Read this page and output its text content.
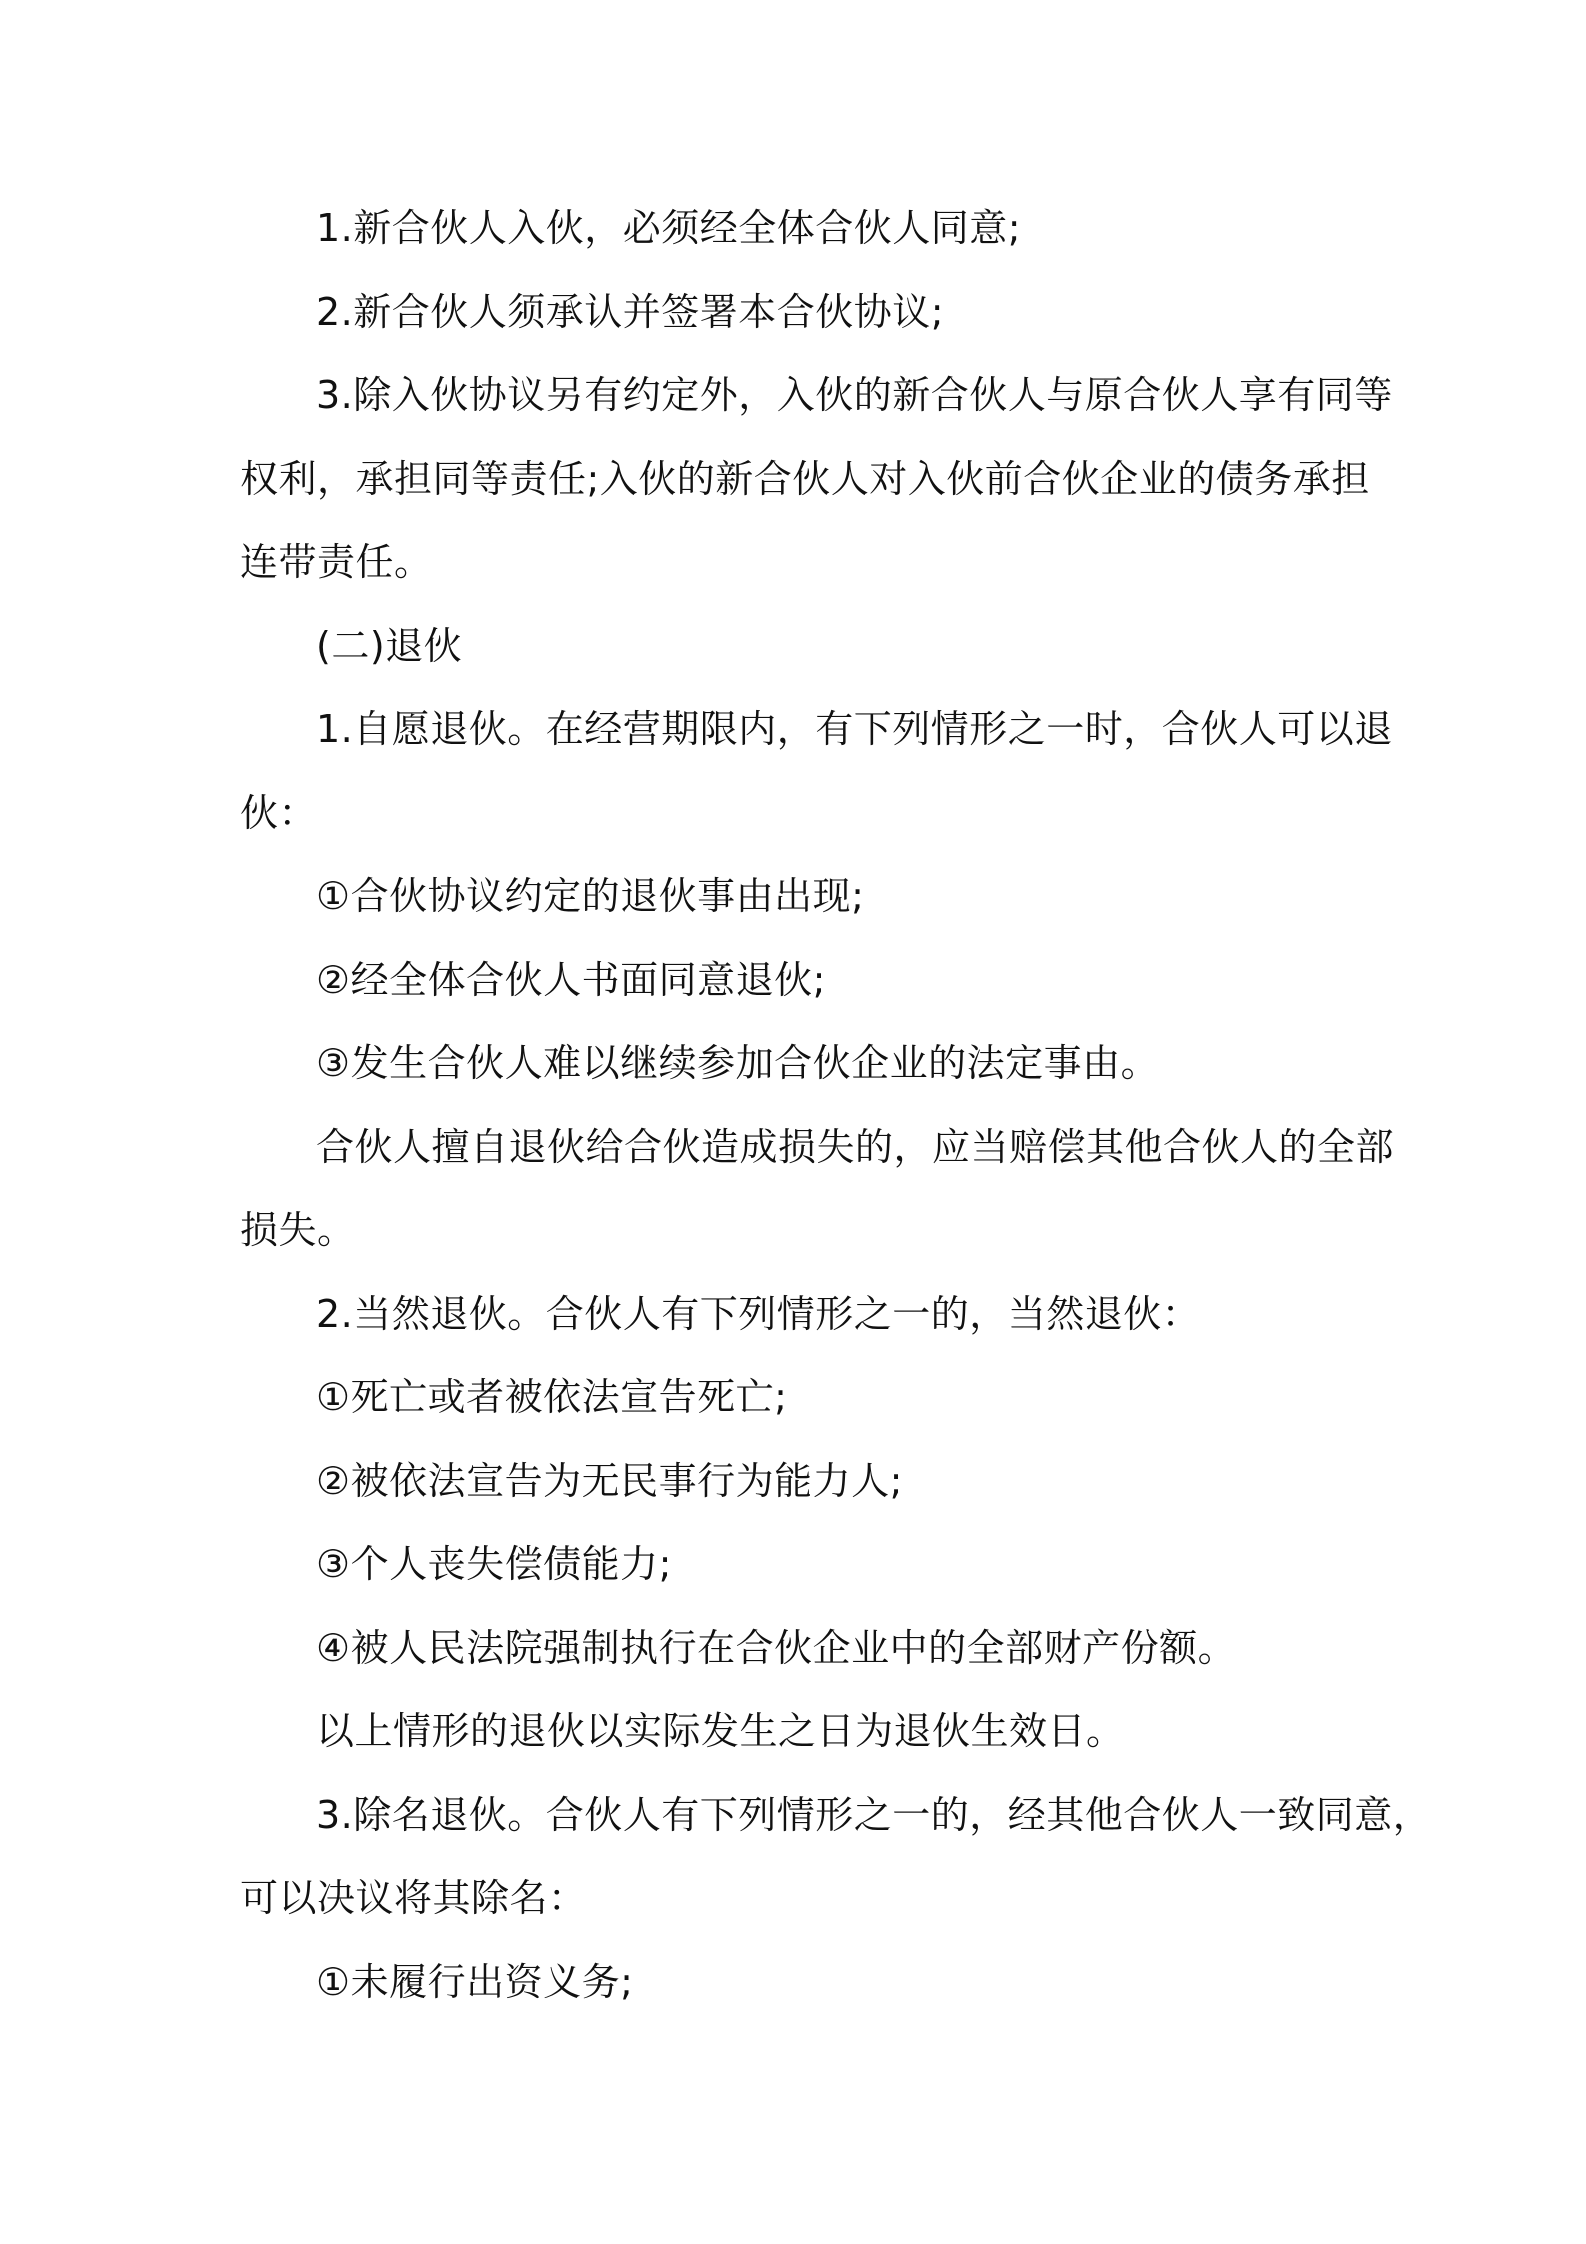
1.新合伙人入伙，必须经全体合伙人同意;
2.新合伙人须承认并签署本合伙协议;
3.除入伙协议另有约定外，入伙的新合伙人与原合伙人享有同等
权利，承担同等责任;入伙的新合伙人对入伙前合伙企业的债务承担
连带责任。
(二)退伙
1.自愿退伙。在经营期限内，有下列情形之一时，合伙人可以退
伙：
①合伙协议约定的退伙事由出现;
②经全体合伙人书面同意退伙;
③发生合伙人难以继续参加合伙企业的法定事由。
合伙人擅自退伙给合伙造成损失的，应当赔偿其他合伙人的全部
损失。
2.当然退伙。合伙人有下列情形之一的，当然退伙：
①死亡或者被依法宣告死亡;
②被依法宣告为无民事行为能力人;
③个人丧失偿债能力;
④被人民法院强制执行在合伙企业中的全部财产份额。
以上情形的退伙以实际发生之日为退伙生效日。
3.除名退伙。合伙人有下列情形之一的，经其他合伙人一致同意，
可以决议将其除名：
①未履行出资义务;
